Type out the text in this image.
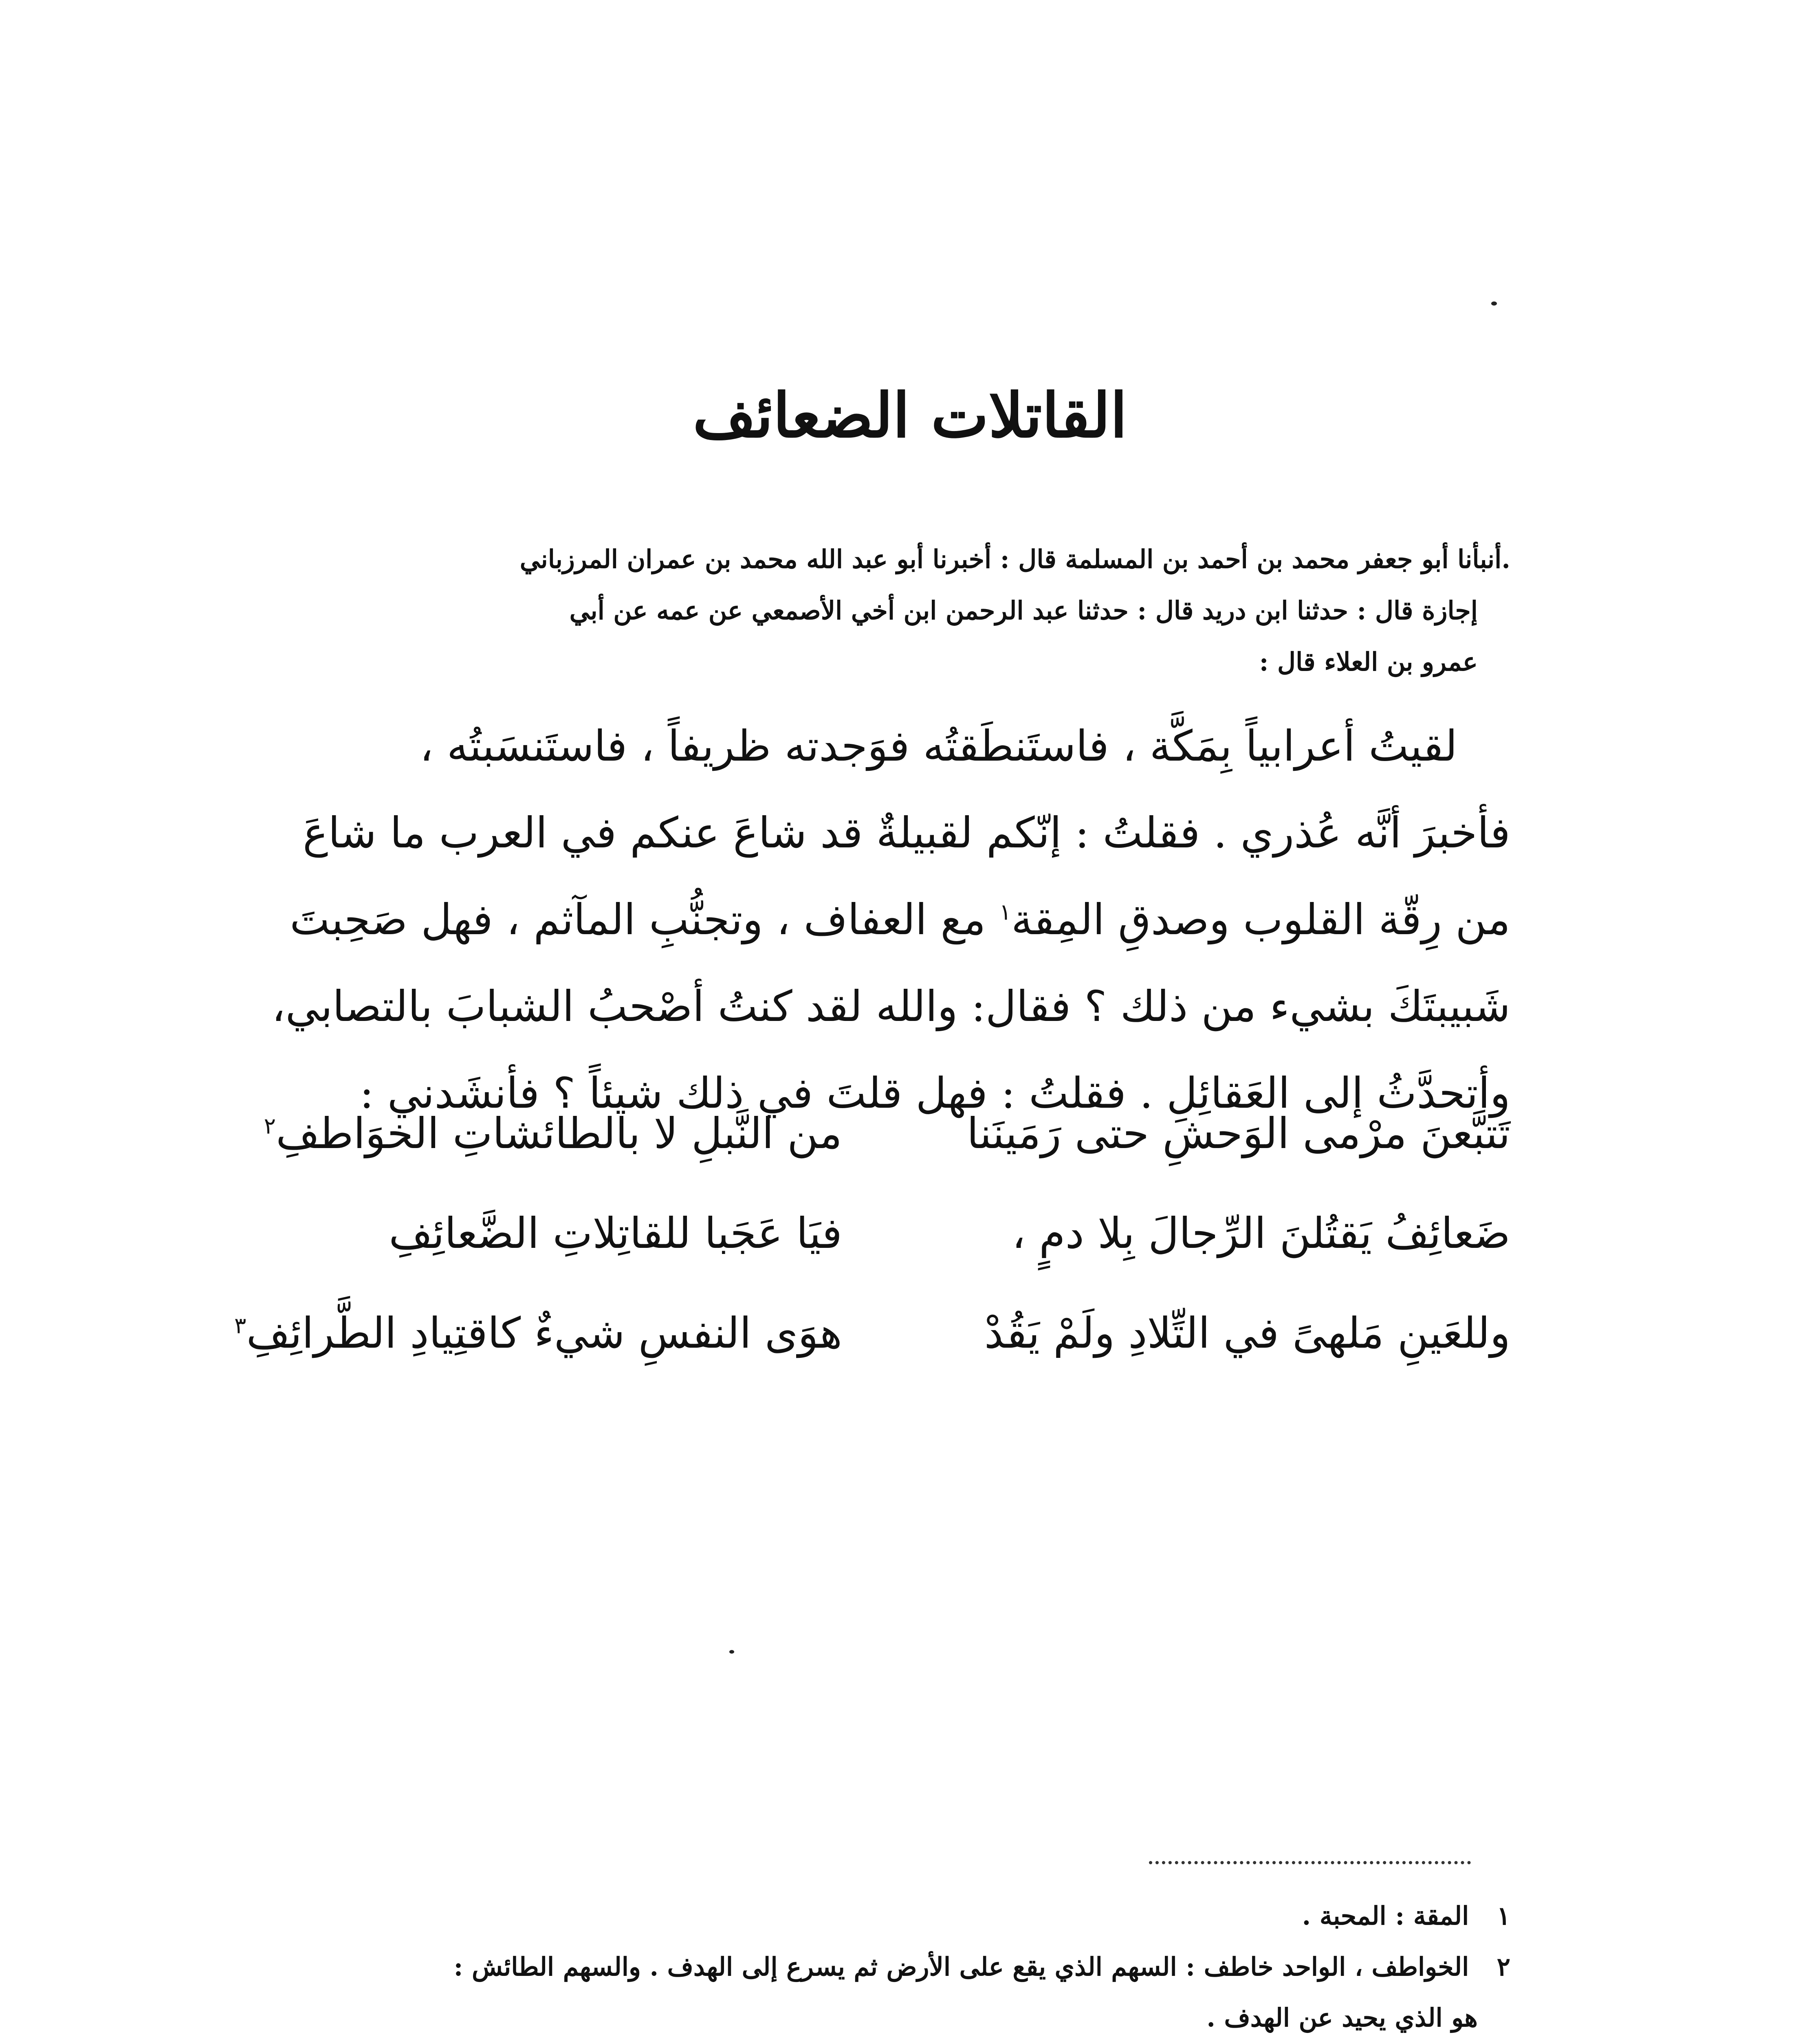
القاتلات الضعائف
.أنبأنا أبو جعفر محمد بن أحمد بن المسلمة قال : أخبرنا أبو عبد الله محمد بن عمران المرزباني
إجازة قال : حدثنا ابن دريد قال : حدثنا عبد الرحمن ابن أخي الأصمعي عن عمه عن أبي
عمرو بن العلاء قال :
لقيتُ أعرابياً بِمَكَّة ، فاستَنطَقتُه فوَجدته ظريفاً ، فاستَنسَبتُه ،
فأخبرَ أنَّه عُذري . فقلتُ : إنّكم لقبيلةٌ قد شاعَ عنكم في العرب ما شاعَ
من رِقّة القلوب وصدقِ المِقة$^١$ مع العفاف ، وتجنُّبِ المآثم ، فهل صَحِبتَ
شَبيبتَكَ بشيء من ذلك ؟ فقال: والله لقد كنتُ أصْحبُ الشبابَ بالتصابي،
وأتحدَّثُ إلى العَقائِلِ . فقلتُ : فهل قلتَ في ذلك شيئاً ؟ فأنشَدني :
تَتبَّعنَ مرْمى الوَحشِ حتى رَمَينَنا
من النَّبلِ لا بالطائشاتِ الخوَاطفِ$^٢$
ضَعائِفُ يَقتُلنَ الرِّجالَ بِلا دمٍ ،
فيَا عَجَبا للقاتِلاتِ الضَّعائِفِ
وللعَينِ مَلهىً في التِّلادِ ولَمْ يَقُدْ
هوَى النفسِ شيءٌ كاقتِيادِ الطَّرائِفِ$^٣$
١ المقة : المحبة .
٢ الخواطف ، الواحد خاطف : السهم الذي يقع على الأرض ثم يسرع إلى الهدف . والسهم الطائش :
هو الذي يحيد عن الهدف .
